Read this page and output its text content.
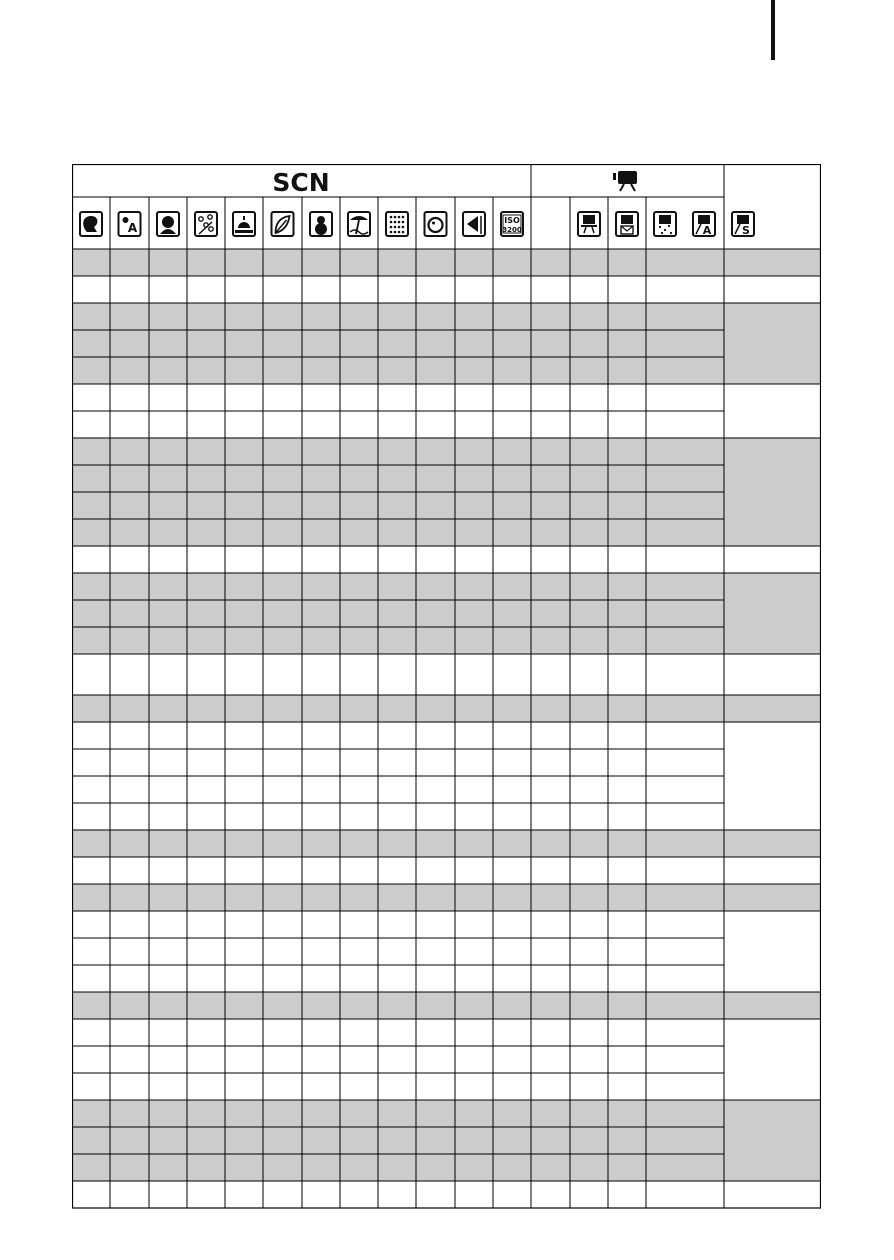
SCN
A
ISO
3200	A	S
